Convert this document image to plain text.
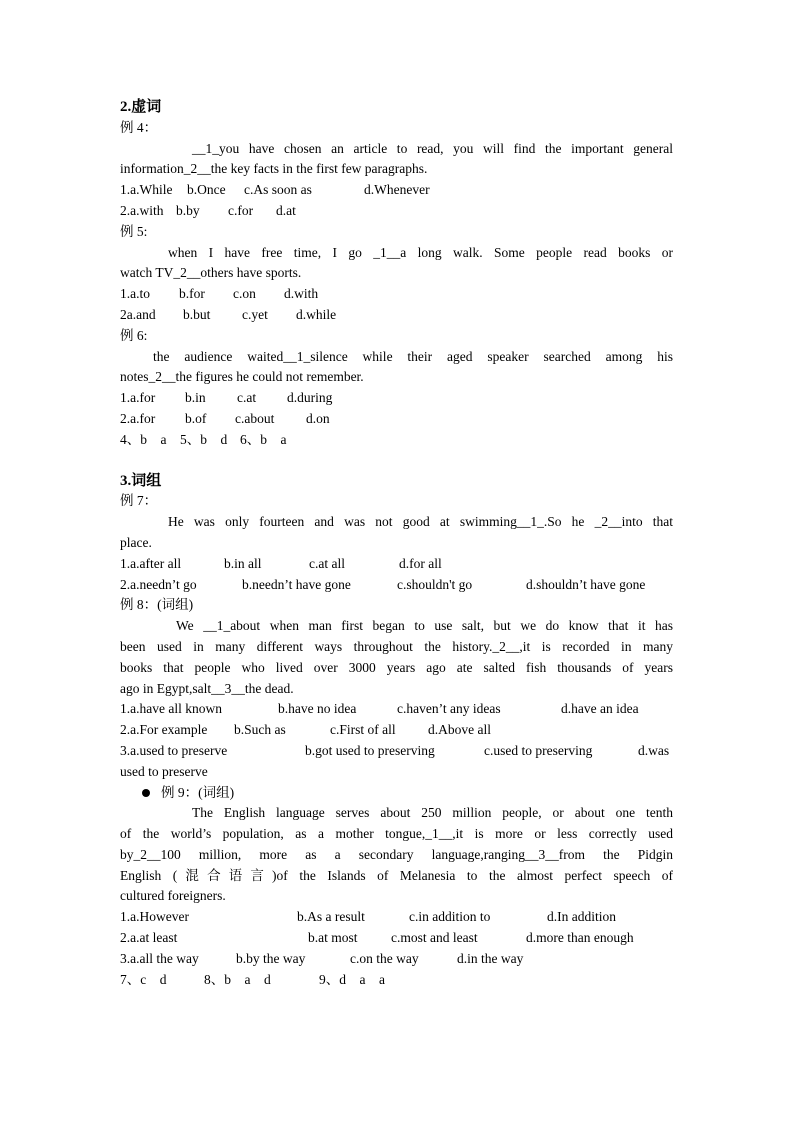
2.虚词

例 4：

__1_you have chosen an article to read, you will find the important general

information_2__the key facts in the first few paragraphs.

1.a.While b.Once c.As soon as	d.Whenever

2.a.with b.by c.for d.at

例 5:

when I have free time, I go _1__a long walk. Some people read books or

watch TV_2__others have sports.

1.a.to b.for c.on d.with

2a.and b.but c.yet d.while

例 6:

the audience waited__1_silence while their aged speaker searched among his

notes_2__the figures he could not remember.

1.a.for b.in c.at d.during

2.a.for b.of c.about d.on

4、b　a 5、b　d 6、b　a

3.词组

例 7：

He was only fourteen and was not good at swimming__1_.So he _2__into that

place.

1.a.after all	b.in all	c.at all	d.for all

2.a.needn’t go	b.needn’t have gone	c.shouldn't go	d.shouldn’t have gone

例 8：(词组)

We __1_about when man first began to use salt, but we do know that it has

been used in many different ways throughout the history._2__,it is recorded in many

books that people who lived over 3000 years ago ate salted fish thousands of years

ago in Egypt,salt__3__the dead.

1.a.have all known	b.have no idea	c.haven’t any ideas	d.have an idea

2.a.For example b.Such as	c.First of all d.Above all

3.a.used to preserve	b.got used to preserving	c.used to preserving	d.was

used to preserve

例 9：(词组)

The English language serves about 250 million people, or about one tenth

of the world’s population, as a mother tongue,_1__,it is more or less correctly used

by_2__100 million, more as a secondary language,ranging__3__from the Pidgin

English (混合语言)of the Islands of Melanesia to the almost perfect speech of

cultured foreigners.

1.a.However	b.As a result	c.in addition to	d.In addition

2.a.at least	b.at most c.most and least	d.more than enough

3.a.all the way	b.by the way	c.on the way	d.in the way

7、c　d	8、b　a　d	9、d　a　a
